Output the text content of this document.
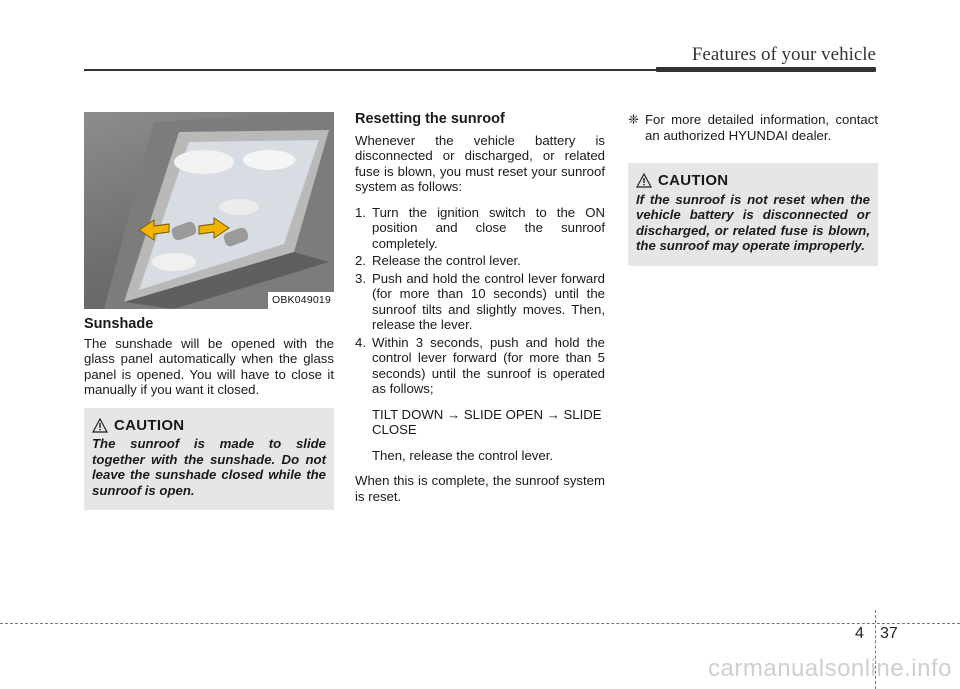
Features of your vehicle
OBK049019
Sunshade

The sunshade will be opened with the glass panel automatically when the glass panel is opened. You will have to close it manually if you want it closed.

CAUTION
The sunroof is made to slide together with the sunshade. Do not leave the sunshade closed while the sunroof is open.
Resetting the sunroof

Whenever the vehicle battery is disconnected or discharged, or related fuse is blown, you must reset your sunroof system as follows:

1. Turn the ignition switch to the ON position and close the sunroof completely.
2. Release the control lever.
3. Push and hold the control lever forward (for more than 10 seconds) until the sunroof tilts and slightly moves. Then, release the lever.
4. Within 3 seconds, push and hold the control lever forward (for more than 5 seconds) until the sunroof is operated as follows;
TILT DOWN → SLIDE OPEN → SLIDE CLOSE
Then, release the control lever.

When this is complete, the sunroof system is reset.

❈ For more detailed information, contact an authorized HYUNDAI dealer.
CAUTION
If the sunroof is not reset when the vehicle battery is disconnected or discharged, or related fuse is blown, the sunroof may operate improperly.
4 37
carmanualsonline.info
